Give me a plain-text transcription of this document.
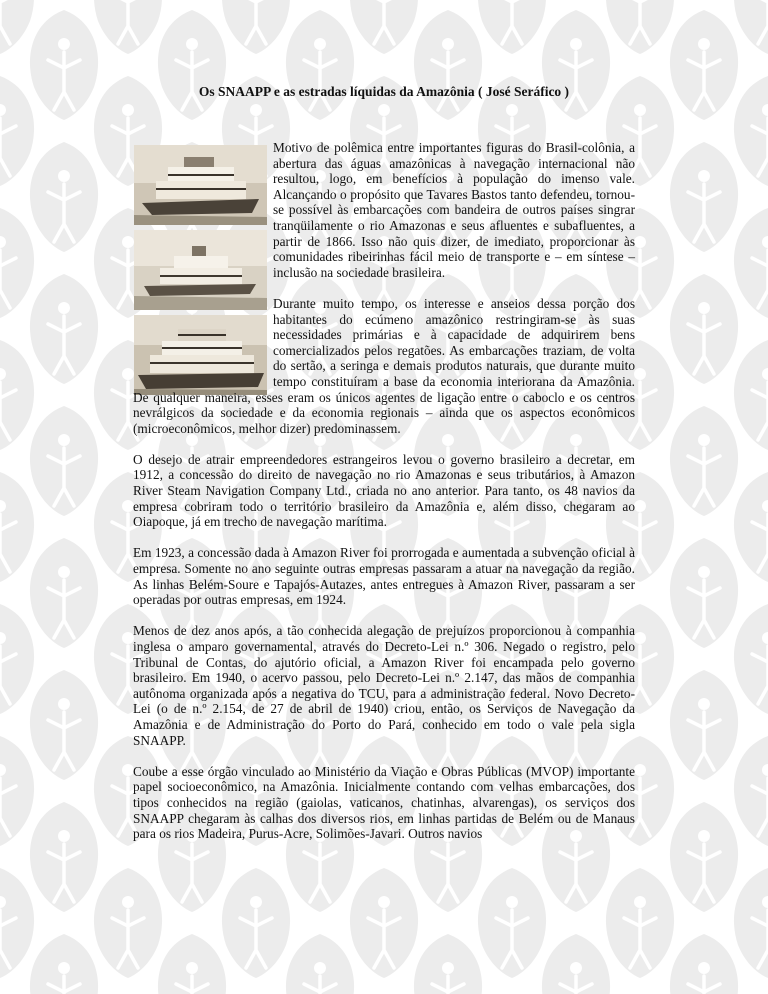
Os SNAAPP e as estradas líquidas da Amazônia ( José Seráfico )

Motivo de polêmica entre importantes figuras do Brasil-colônia, a abertura das águas amazônicas à navegação internacional não resultou, logo, em benefícios à população do imenso vale. Alcançando o propósito que Tavares Bastos tanto defendeu, tornou-se possível às embarcações com bandeira de outros países singrar tranqüilamente o rio Amazonas e seus afluentes e subafluentes, a partir de 1866. Isso não quis dizer, de imediato, proporcionar às comunidades ribeirinhas fácil meio de transporte e – em síntese – inclusão na sociedade brasileira.

Durante muito tempo, os interesse e anseios dessa porção dos habitantes do ecúmeno amazônico restringiram-se às suas necessidades primárias e à capacidade de adquirirem bens comercializados pelos regatões. As embarcações traziam, de volta do sertão, a seringa e demais produtos naturais, que durante muito tempo constituíram a base da economia interiorana da Amazônia. De qualquer maneira, esses eram os únicos agentes de ligação entre o caboclo e os centros nevrálgicos da sociedade e da economia regionais – ainda que os aspectos econômicos (microeconômicos, melhor dizer) predominassem.

O desejo de atrair empreendedores estrangeiros levou o governo brasileiro a decretar, em 1912, a concessão do direito de navegação no rio Amazonas e seus tributários, à Amazon River Steam Navigation Company Ltd., criada no ano anterior. Para tanto, os 48 navios da empresa cobriram todo o território brasileiro da Amazônia e, além disso, chegaram ao Oiapoque, já em trecho de navegação marítima.

Em 1923, a concessão dada à Amazon River foi prorrogada e aumentada a subvenção oficial à empresa. Somente no ano seguinte outras empresas passaram a atuar na navegação da região. As linhas Belém-Soure e Tapajós-Autazes, antes entregues à Amazon River, passaram a ser operadas por outras empresas, em 1924.

Menos de dez anos após, a tão conhecida alegação de prejuízos proporcionou à companhia inglesa o amparo governamental, através do Decreto-Lei n.º 306. Negado o registro, pelo Tribunal de Contas, do ajutório oficial, a Amazon River foi encampada pelo governo brasileiro. Em 1940, o acervo passou, pelo Decreto-Lei n.º 2.147, das mãos de companhia autônoma organizada após a negativa do TCU, para a administração federal. Novo Decreto-Lei (o de n.º 2.154, de 27 de abril de 1940) criou, então, os Serviços de Navegação da Amazônia e de Administração do Porto do Pará, conhecido em todo o vale pela sigla SNAAPP.

Coube a esse órgão vinculado ao Ministério da Viação e Obras Públicas (MVOP) importante papel socioeconômico, na Amazônia. Inicialmente contando com velhas embarcações, dos tipos conhecidos na região (gaiolas, vaticanos, chatinhas, alvarengas), os serviços dos SNAAPP chegaram às calhas dos diversos rios, em linhas partidas de Belém ou de Manaus para os rios Madeira, Purus-Acre, Solimões-Javari. Outros navios
